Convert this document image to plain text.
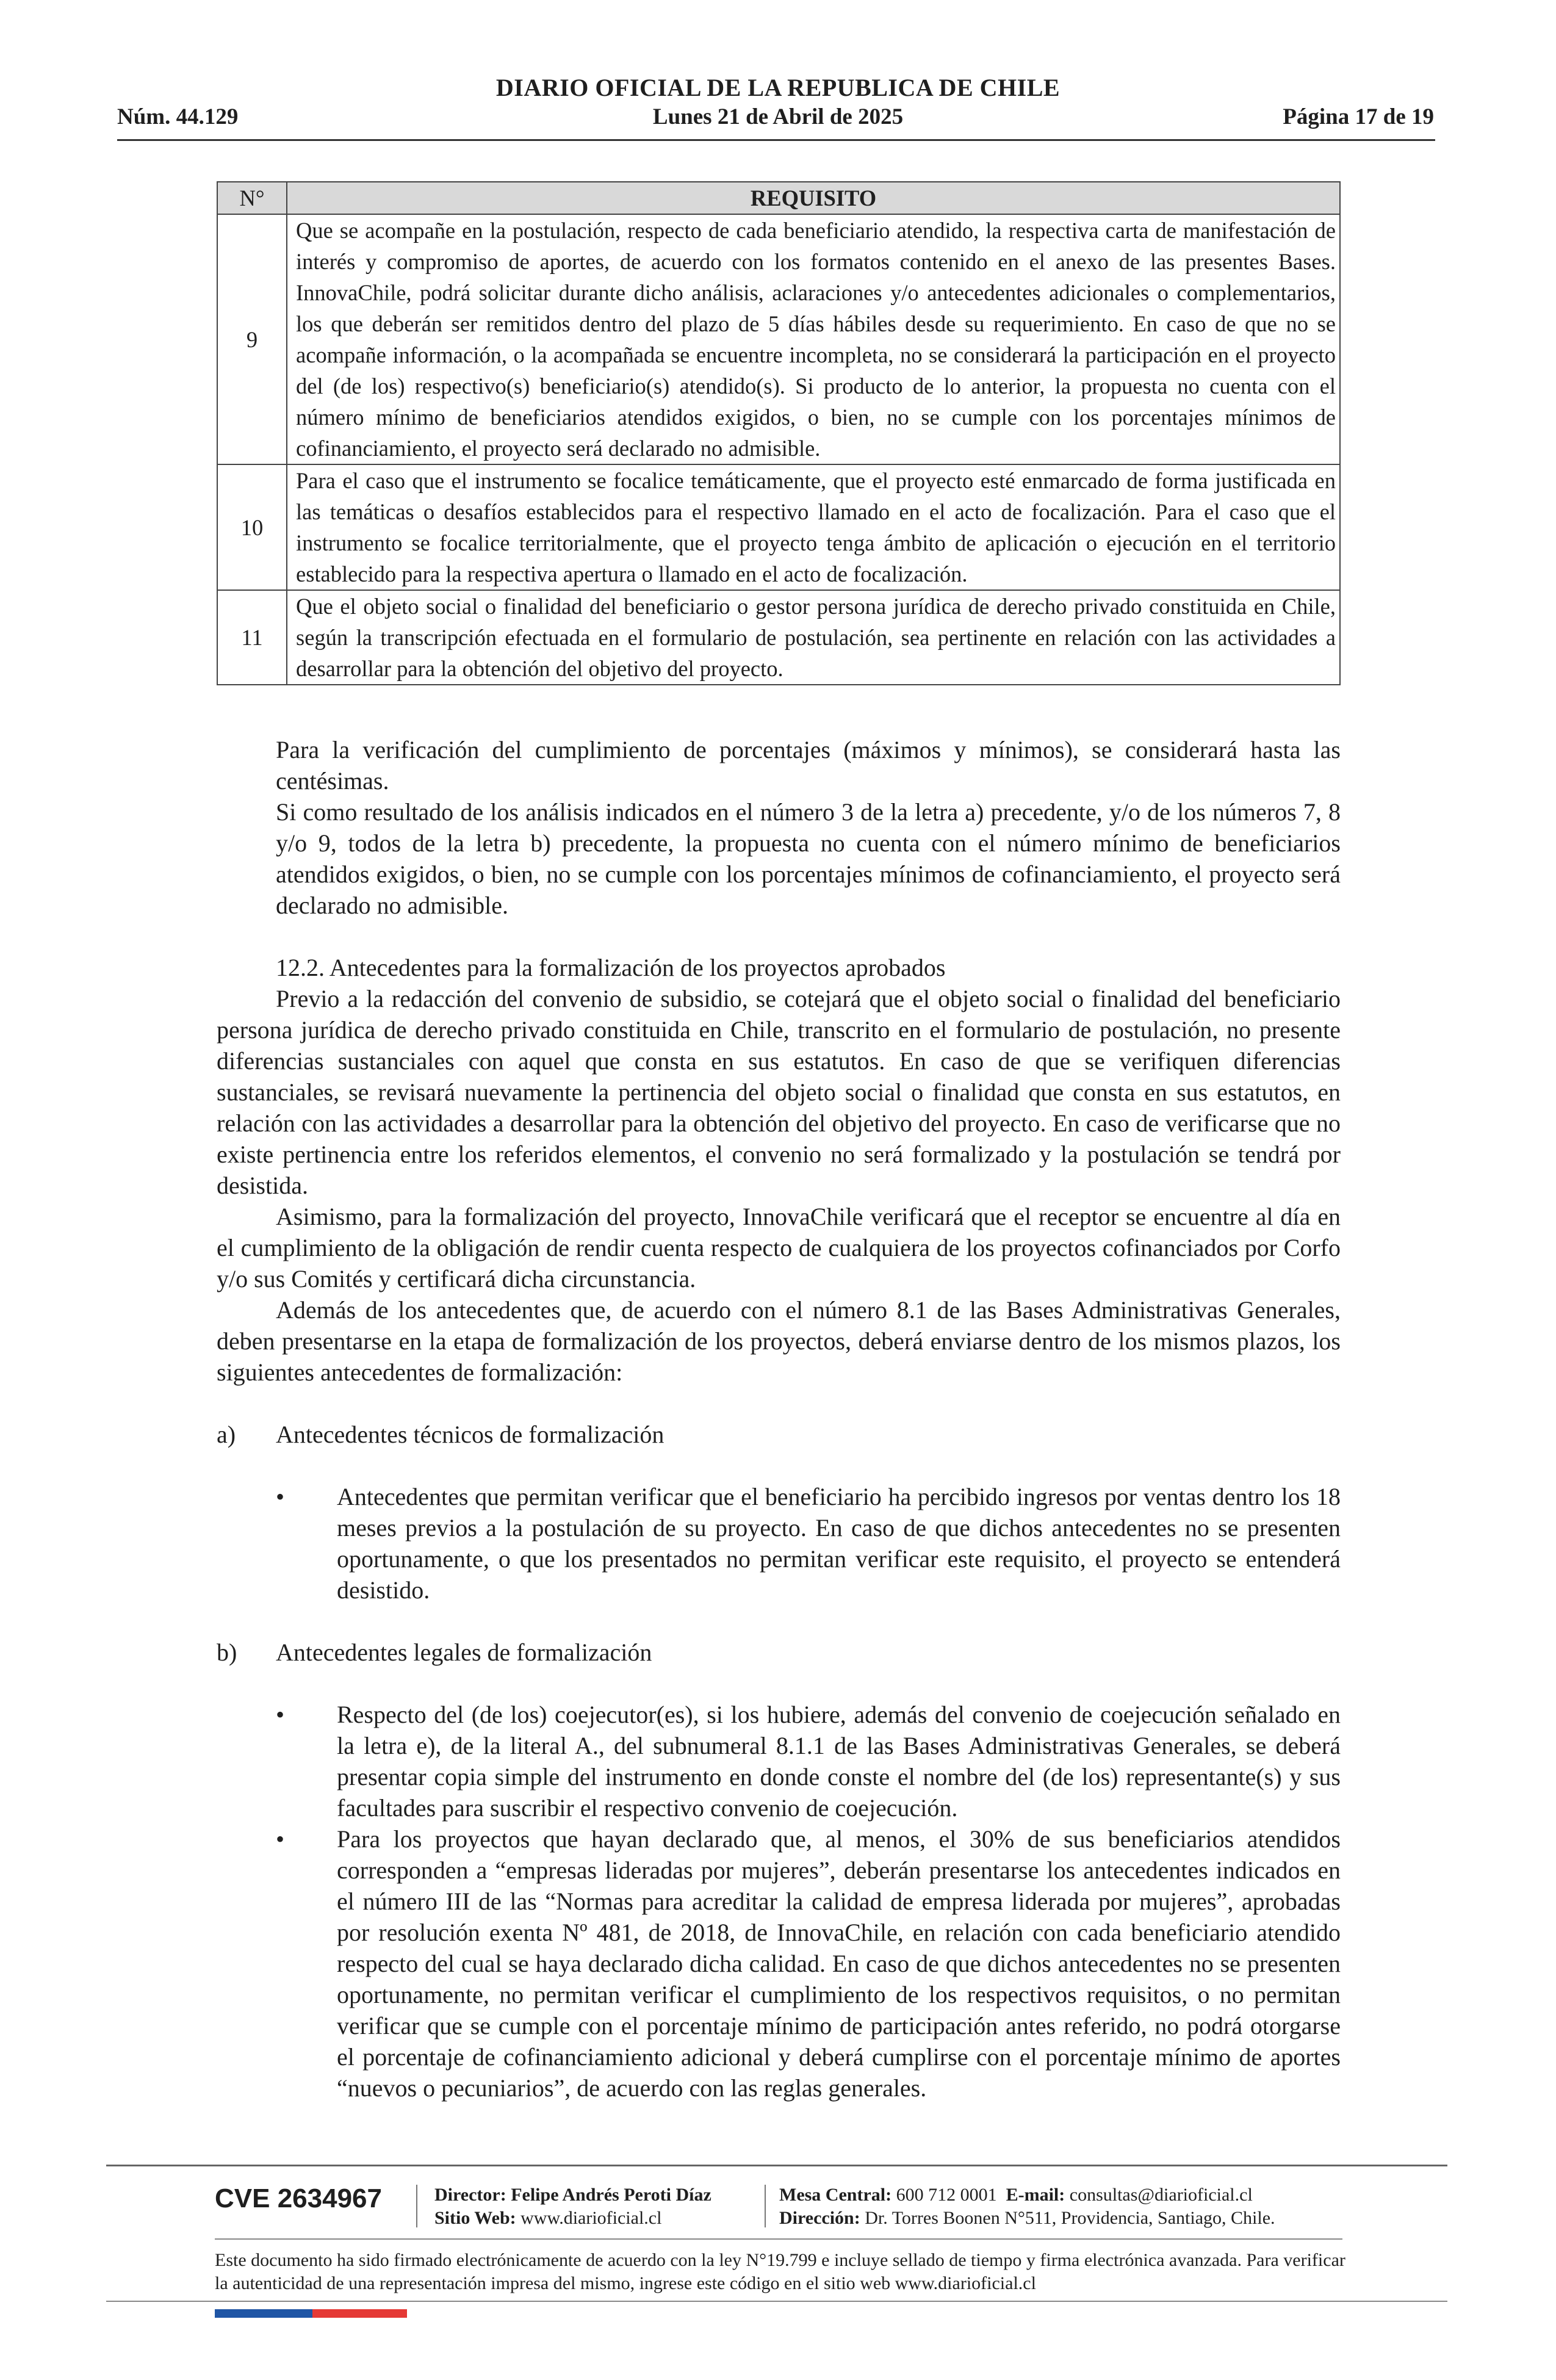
DIARIO OFICIAL DE LA REPUBLICA DE CHILE
Núm. 44.129	Lunes 21 de Abril de 2025	Página 17 de 19
N°	REQUISITO
9	Que se acompañe en la postulación, respecto de cada beneficiario atendido, la respectiva carta de manifestación de interés y compromiso de aportes, de acuerdo con los formatos contenido en el anexo de las presentes Bases. InnovaChile, podrá solicitar durante dicho análisis, aclaraciones y/o antecedentes adicionales o complementarios, los que deberán ser remitidos dentro del plazo de 5 días hábiles desde su requerimiento. En caso de que no se acompañe información, o la acompañada se encuentre incompleta, no se considerará la participación en el proyecto del (de los) respectivo(s) beneficiario(s) atendido(s). Si producto de lo anterior, la propuesta no cuenta con el número mínimo de beneficiarios atendidos exigidos, o bien, no se cumple con los porcentajes mínimos de cofinanciamiento, el proyecto será declarado no admisible.
10	Para el caso que el instrumento se focalice temáticamente, que el proyecto esté enmarcado de forma justificada en las temáticas o desafíos establecidos para el respectivo llamado en el acto de focalización. Para el caso que el instrumento se focalice territorialmente, que el proyecto tenga ámbito de aplicación o ejecución en el territorio establecido para la respectiva apertura o llamado en el acto de focalización.
11	Que el objeto social o finalidad del beneficiario o gestor persona jurídica de derecho privado constituida en Chile, según la transcripción efectuada en el formulario de postulación, sea pertinente en relación con las actividades a desarrollar para la obtención del objetivo del proyecto.

Para la verificación del cumplimiento de porcentajes (máximos y mínimos), se considerará hasta las centésimas.

Si como resultado de los análisis indicados en el número 3 de la letra a) precedente, y/o de los números 7, 8 y/o 9, todos de la letra b) precedente, la propuesta no cuenta con el número mínimo de beneficiarios atendidos exigidos, o bien, no se cumple con los porcentajes mínimos de cofinanciamiento, el proyecto será declarado no admisible.

12.2. Antecedentes para la formalización de los proyectos aprobados

Previo a la redacción del convenio de subsidio, se cotejará que el objeto social o finalidad del beneficiario persona jurídica de derecho privado constituida en Chile, transcrito en el formulario de postulación, no presente diferencias sustanciales con aquel que consta en sus estatutos. En caso de que se verifiquen diferencias sustanciales, se revisará nuevamente la pertinencia del objeto social o finalidad que consta en sus estatutos, en relación con las actividades a desarrollar para la obtención del objetivo del proyecto. En caso de verificarse que no existe pertinencia entre los referidos elementos, el convenio no será formalizado y la postulación se tendrá por desistida.

Asimismo, para la formalización del proyecto, InnovaChile verificará que el receptor se encuentre al día en el cumplimiento de la obligación de rendir cuenta respecto de cualquiera de los proyectos cofinanciados por Corfo y/o sus Comités y certificará dicha circunstancia.

Además de los antecedentes que, de acuerdo con el número 8.1 de las Bases Administrativas Generales, deben presentarse en la etapa de formalización de los proyectos, deberá enviarse dentro de los mismos plazos, los siguientes antecedentes de formalización:

a)	Antecedentes técnicos de formalización
•	Antecedentes que permitan verificar que el beneficiario ha percibido ingresos por ventas dentro los 18 meses previos a la postulación de su proyecto. En caso de que dichos antecedentes no se presenten oportunamente, o que los presentados no permitan verificar este requisito, el proyecto se entenderá desistido.
b)	Antecedentes legales de formalización
•	Respecto del (de los) coejecutor(es), si los hubiere, además del convenio de coejecución señalado en la letra e), de la literal A., del subnumeral 8.1.1 de las Bases Administrativas Generales, se deberá presentar copia simple del instrumento en donde conste el nombre del (de los) representante(s) y sus facultades para suscribir el respectivo convenio de coejecución.
•	Para los proyectos que hayan declarado que, al menos, el 30% de sus beneficiarios atendidos corresponden a “empresas lideradas por mujeres”, deberán presentarse los antecedentes indicados en el número III de las “Normas para acreditar la calidad de empresa liderada por mujeres”, aprobadas por resolución exenta Nº 481, de 2018, de InnovaChile, en relación con cada beneficiario atendido respecto del cual se haya declarado dicha calidad. En caso de que dichos antecedentes no se presenten oportunamente, no permitan verificar el cumplimiento de los respectivos requisitos, o no permitan verificar que se cumple con el porcentaje mínimo de participación antes referido, no podrá otorgarse el porcentaje de cofinanciamiento adicional y deberá cumplirse con el porcentaje mínimo de aportes “nuevos o pecuniarios”, de acuerdo con las reglas generales.
CVE 2634967	Director: Felipe Andrés Peroti Díaz
Sitio Web: www.diarioficial.cl
Mesa Central: 600 712 0001 E-mail: consultas@diarioficial.cl
Dirección: Dr. Torres Boonen N°511, Providencia, Santiago, Chile.
Este documento ha sido firmado electrónicamente de acuerdo con la ley N°19.799 e incluye sellado de tiempo y firma electrónica avanzada. Para verificar la autenticidad de una representación impresa del mismo, ingrese este código en el sitio web www.diarioficial.cl
